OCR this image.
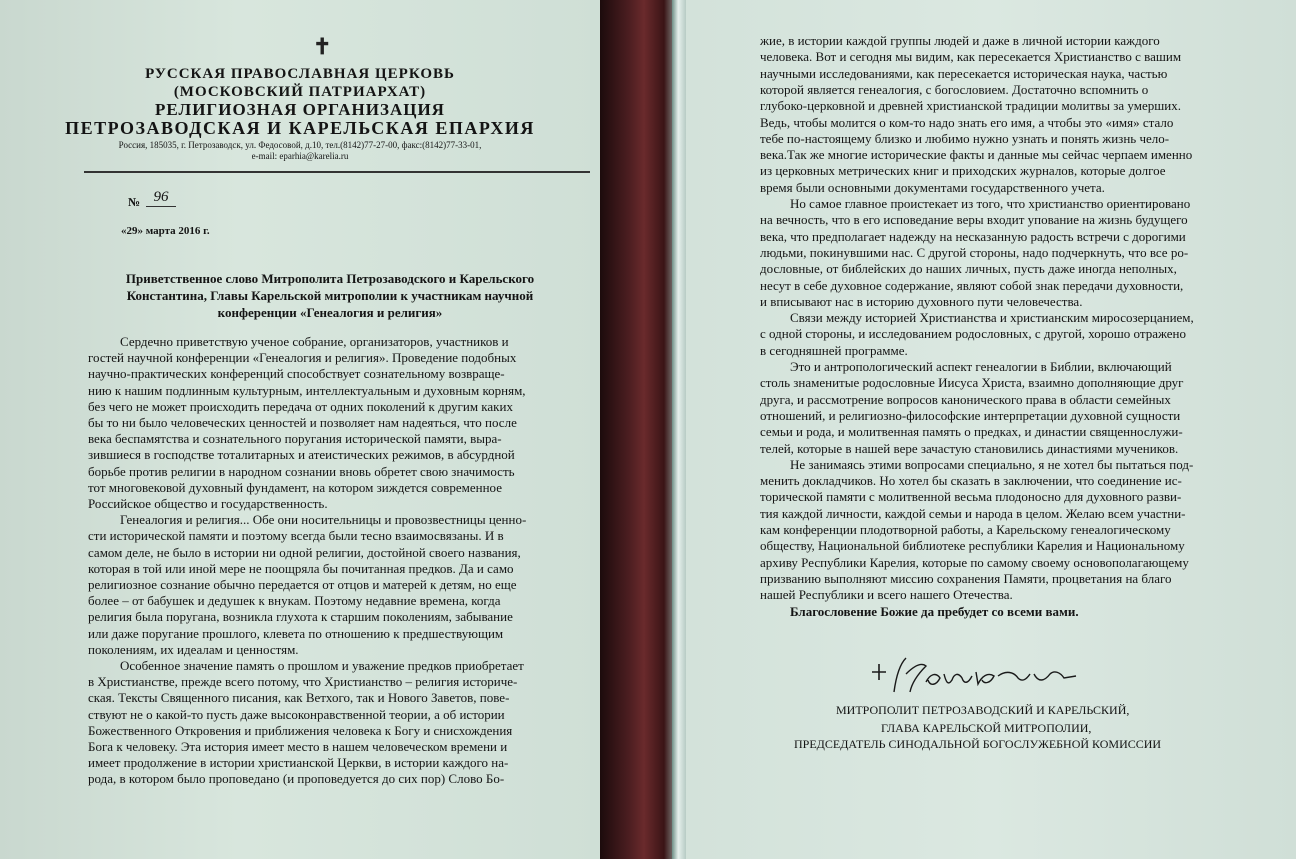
✝
РУССКАЯ ПРАВОСЛАВНАЯ ЦЕРКОВЬ
(МОСКОВСКИЙ ПАТРИАРХАТ)
РЕЛИГИОЗНАЯ ОРГАНИЗАЦИЯ
ПЕТРОЗАВОДСКАЯ И КАРЕЛЬСКАЯ ЕПАРХИЯ
Россия, 185035, г. Петрозаводск, ул. Федосовой, д.10, тел.(8142)77-27-00, факс:(8142)77-33-01,
e-mail: eparhia@karelia.ru
№ 96
«29» марта 2016 г.
Приветственное слово Митрополита Петрозаводского и Карельского
Константина, Главы Карельской митрополии к участникам научной
конференции «Генеалогия и религия»
Сердечно приветствую ученое собрание, организаторов, участников и
гостей научной конференции «Генеалогия и религия». Проведение подобных
научно-практических конференций способствует сознательному возвраще-
нию к нашим подлинным культурным, интеллектуальным и духовным корням,
без чего не может происходить передача от одних поколений к другим каких
бы то ни было человеческих ценностей и позволяет нам надеяться, что после
века беспамятства и сознательного поругания исторической памяти, выра-
зившиеся в господстве тоталитарных и атеистических режимов, в абсурдной
борьбе против религии в народном сознании вновь обретет свою значимость
тот многовековой духовный фундамент, на котором зиждется современное
Российское общество и государственность.
Генеалогия и религия... Обе они носительницы и провозвестницы ценно-
сти исторической памяти и поэтому всегда были тесно взаимосвязаны. И в
самом деле, не было в истории ни одной религии, достойной своего названия,
которая в той или иной мере не поощряла бы почитанная предков. Да и само
религиозное сознание обычно передается от отцов и матерей к детям, но еще
более – от бабушек и дедушек к внукам. Поэтому недавние времена, когда
религия была поругана, возникла глухота к старшим поколениям, забывание
или даже поругание прошлого, клевета по отношению к предшествующим
поколениям, их идеалам и ценностям.
Особенное значение память о прошлом и уважение предков приобретает
в Христианстве, прежде всего потому, что Христианство – религия историче-
ская. Тексты Священного писания, как Ветхого, так и Нового Заветов, пове-
ствуют не о какой-то пусть даже высоконравственной теории, а об истории
Божественного Откровения и приближения человека к Богу и снисхождения
Бога к человеку. Эта история имеет место в нашем человеческом времени и
имеет продолжение в истории христианской Церкви, в истории каждого на-
рода, в котором было проповедано (и проповедуется до сих пор) Слово Бо-
жие, в истории каждой группы людей и даже в личной истории каждого
человека. Вот и сегодня мы видим, как пересекается Христианство с вашим
научными исследованиями, как пересекается историческая наука, частью
которой является генеалогия, с богословием. Достаточно вспомнить о
глубоко-церковной и древней христианской традиции молитвы за умерших.
Ведь, чтобы молится о ком-то надо знать его имя, а чтобы это «имя» стало
тебе по-настоящему близко и любимо нужно узнать и понять жизнь чело-
века.Так же многие исторические факты и данные мы сейчас черпаем именно
из церковных метрических книг и приходских журналов, которые долгое
время были основными документами государственного учета.
Но самое главное проистекает из того, что христианство ориентировано
на вечность, что в его исповедание веры входит упование на жизнь будущего
века, что предполагает надежду на несказанную радость встречи с дорогими
людьми, покинувшими нас. С другой стороны, надо подчеркнуть, что все ро-
дословные, от библейских до наших личных, пусть даже иногда неполных,
несут в себе духовное содержание, являют собой знак передачи духовности,
и вписывают нас в историю духовного пути человечества.
Связи между историей Христианства и христианским миросозерцанием,
с одной стороны, и исследованием родословных, с другой, хорошо отражено
в сегодняшней программе.
Это и антропологический аспект генеалогии в Библии, включающий
столь знаменитые родословные Иисуса Христа, взаимно дополняющие друг
друга, и рассмотрение вопросов канонического права в области семейных
отношений, и религиозно-философские интерпретации духовной сущности
семьи и рода, и молитвенная память о предках, и династии священнослужи-
телей, которые в нашей вере зачастую становились династиями мучеников.
Не занимаясь этими вопросами специально, я не хотел бы пытаться под-
менить докладчиков. Но хотел бы сказать в заключении, что соединение ис-
торической памяти с молитвенной весьма плодоносно для духовного разви-
тия каждой личности, каждой семьи и народа в целом. Желаю всем участни-
кам конференции плодотворной работы, а Карельскому генеалогическому
обществу, Национальной библиотеке республики Карелия и Национальному
архиву Республики Карелия, которые по самому своему основополагающему
призванию выполняют миссию сохранения Памяти, процветания на благо
нашей Республики и всего нашего Отечества.
Благословение Божие да пребудет со всеми вами.
МИТРОПОЛИТ ПЕТРОЗАВОДСКИЙ И КАРЕЛЬСКИЙ,
ГЛАВА КАРЕЛЬСКОЙ МИТРОПОЛИИ,
ПРЕДСЕДАТЕЛЬ СИНОДАЛЬНОЙ БОГОСЛУЖЕБНОЙ КОМИССИИ
